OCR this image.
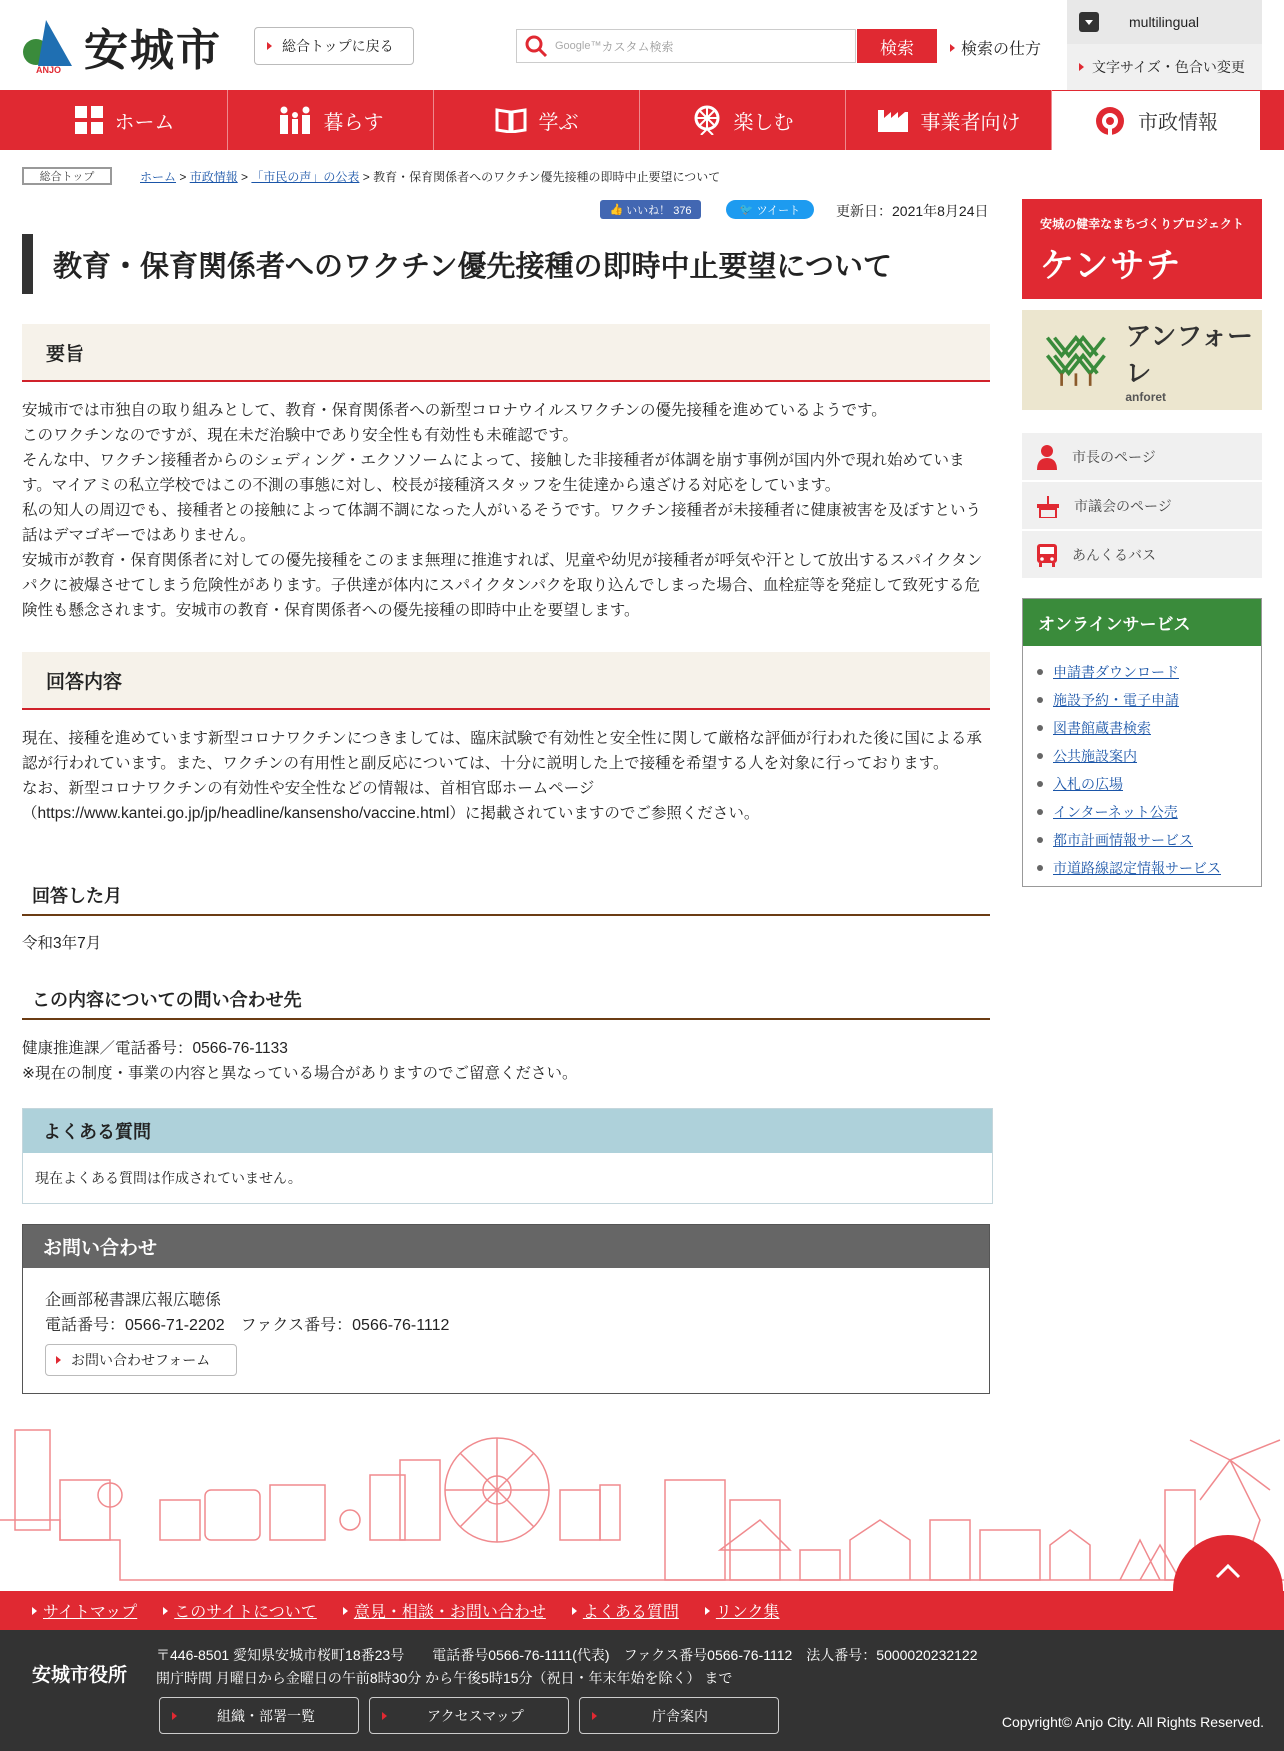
ANJO 安城市	総合トップに戻る	Google™ カスタム検索	検索	検索の仕方
multilingual
文字サイズ・色合い変更
ホーム	暮らす	学ぶ	楽しむ	事業者向け	市政情報
総合トップ	ホーム > 市政情報 > 「市民の声」の公表 > 教育・保育関係者へのワクチン優先接種の即時中止要望について
👍 いいね！ 376	🐦 ツイート	更新日：2021年8月24日
教育・保育関係者へのワクチン優先接種の即時中止要望について
要旨

安城市では市独自の取り組みとして、教育・保育関係者への新型コロナウイルスワクチンの優先接種を進めているようです。

このワクチンなのですが、現在未だ治験中であり安全性も有効性も未確認です。

そんな中、ワクチン接種者からのシェディング・エクソソームによって、接触した非接種者が体調を崩す事例が国内外で現れ始めています。マイアミの私立学校ではこの不測の事態に対し、校長が接種済スタッフを生徒達から遠ざける対応をしています。

私の知人の周辺でも、接種者との接触によって体調不調になった人がいるそうです。ワクチン接種者が未接種者に健康被害を及ぼすという話はデマゴギーではありません。

安城市が教育・保育関係者に対しての優先接種をこのまま無理に推進すれば、児童や幼児が接種者が呼気や汗として放出するスパイクタンパクに被爆させてしまう危険性があります。子供達が体内にスパイクタンパクを取り込んでしまった場合、血栓症等を発症して致死する危険性も懸念されます。安城市の教育・保育関係者への優先接種の即時中止を要望します。

回答内容

現在、接種を進めています新型コロナワクチンにつきましては、臨床試験で有効性と安全性に関して厳格な評価が行われた後に国による承認が行われています。また、ワクチンの有用性と副反応については、十分に説明した上で接種を希望する人を対象に行っております。

なお、新型コロナワクチンの有効性や安全性などの情報は、首相官邸ホームページ（https://www.kantei.go.jp/jp/headline/kansensho/vaccine.html）に掲載されていますのでご参照ください。

回答した月
令和3年7月
この内容についての問い合わせ先

健康推進課／電話番号：0566-76-1133

※現在の制度・事業の内容と異なっている場合がありますのでご留意ください。

よくある質問
現在よくある質問は作成されていません。
お問い合わせ

企画部秘書課広報広聴係

電話番号：0566-71-2202　ファクス番号：0566-76-1112

お問い合わせフォーム
安城の健幸なまちづくりプロジェクト
ケンサチ
アンフォーレ
anforet
市長のページ
市議会のページ
あんくるバス
オンラインサービス
申請書ダウンロード
施設予約・電子申請
図書館蔵書検索
公共施設案内
入札の広場
インターネット公売
都市計画情報サービス
市道路線認定情報サービス
サイトマップ このサイトについて 意見・相談・お問い合わせ よくある質問 リンク集
安城市役所

〒446-8501 愛知県安城市桜町18番23号　　電話番号0566-76-1111(代表)　ファクス番号0566-76-1112　法人番号：5000020232122

開庁時間 月曜日から金曜日の午前8時30分 から午後5時15分（祝日・年末年始を除く） まで

組織・部署一覧	アクセスマップ	庁舎案内	Copyright© Anjo City. All Rights Reserved.
